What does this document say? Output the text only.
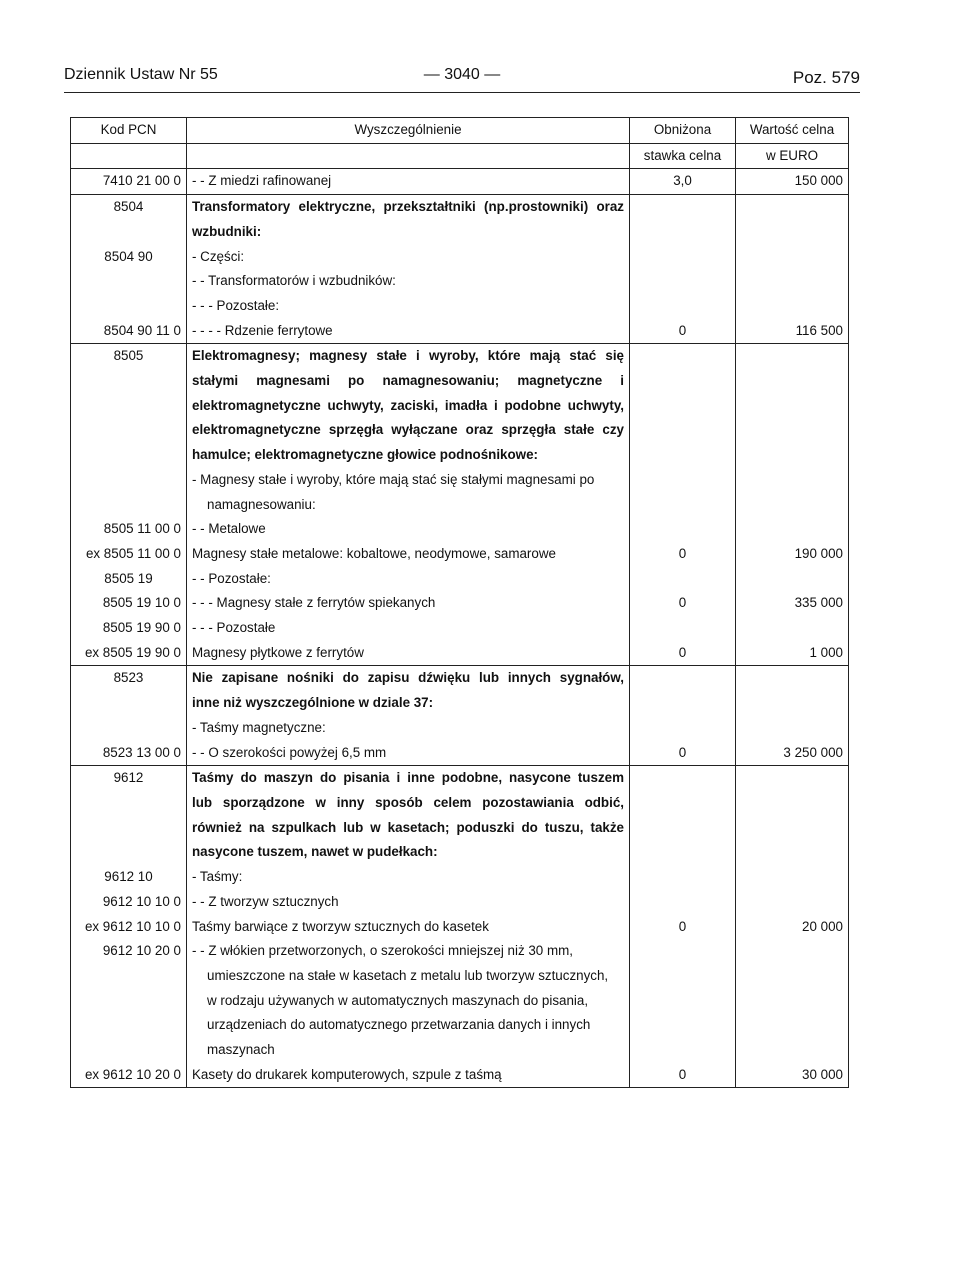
Dziennik Ustaw Nr 55	— 3040 —	Poz. 579
Kod PCN	Wyszczególnienie	Obniżona	Wartość celna
		stawka celna	w EURO
7410 21 00 0	- - Z miedzi rafinowanej	3,0	150 000
8504	Transformatory elektryczne, przekształtniki (np.prostowniki) oraz		
	wzbudniki:		
8504 90	- Części:		
	- - Transformatorów i wzbudników:		
	- - - Pozostałe:		
8504 90 11 0	- - - - Rdzenie ferrytowe	0	116 500
8505	Elektromagnesy; magnesy stałe i wyroby, które mają stać się		
	stałymi magnesami po namagnesowaniu; magnetyczne i		
	elektromagnetyczne uchwyty, zaciski, imadła i podobne uchwyty,		
	elektromagnetyczne sprzęgła wyłączane oraz sprzęgła stałe czy		
	hamulce; elektromagnetyczne głowice podnośnikowe:		
	- Magnesy stałe i wyroby, które mają stać się stałymi magnesami po		
	namagnesowaniu:		
8505 11 00 0	- - Metalowe		
ex 8505 11 00 0	Magnesy stałe metalowe: kobaltowe, neodymowe, samarowe	0	190 000
8505 19	- - Pozostałe:		
8505 19 10 0	- - - Magnesy stałe z ferrytów spiekanych	0	335 000
8505 19 90 0	- - - Pozostałe		
ex 8505 19 90 0	Magnesy płytkowe z ferrytów	0	1 000
8523	Nie zapisane nośniki do zapisu dźwięku lub innych sygnałów,		
	inne niż wyszczególnione w dziale 37:		
	- Taśmy magnetyczne:		
8523 13 00 0	- - O szerokości powyżej 6,5 mm	0	3 250 000
9612	Taśmy do maszyn do pisania i inne podobne, nasycone tuszem		
	lub sporządzone w inny sposób celem pozostawiania odbić,		
	również na szpulkach lub w kasetach; poduszki do tuszu, także		
	nasycone tuszem, nawet w pudełkach:		
9612 10	- Taśmy:		
9612 10 10 0	- - Z tworzyw sztucznych		
ex 9612 10 10 0	Taśmy barwiące z tworzyw sztucznych do kasetek	0	20 000
9612 10 20 0	- - Z włókien przetworzonych, o szerokości mniejszej niż 30 mm,		
	umieszczone na stałe w kasetach z metalu lub tworzyw sztucznych,		
	w rodzaju używanych w automatycznych maszynach do pisania,		
	urządzeniach do automatycznego przetwarzania danych i innych		
	maszynach		
ex 9612 10 20 0	Kasety do drukarek komputerowych, szpule z taśmą	0	30 000
